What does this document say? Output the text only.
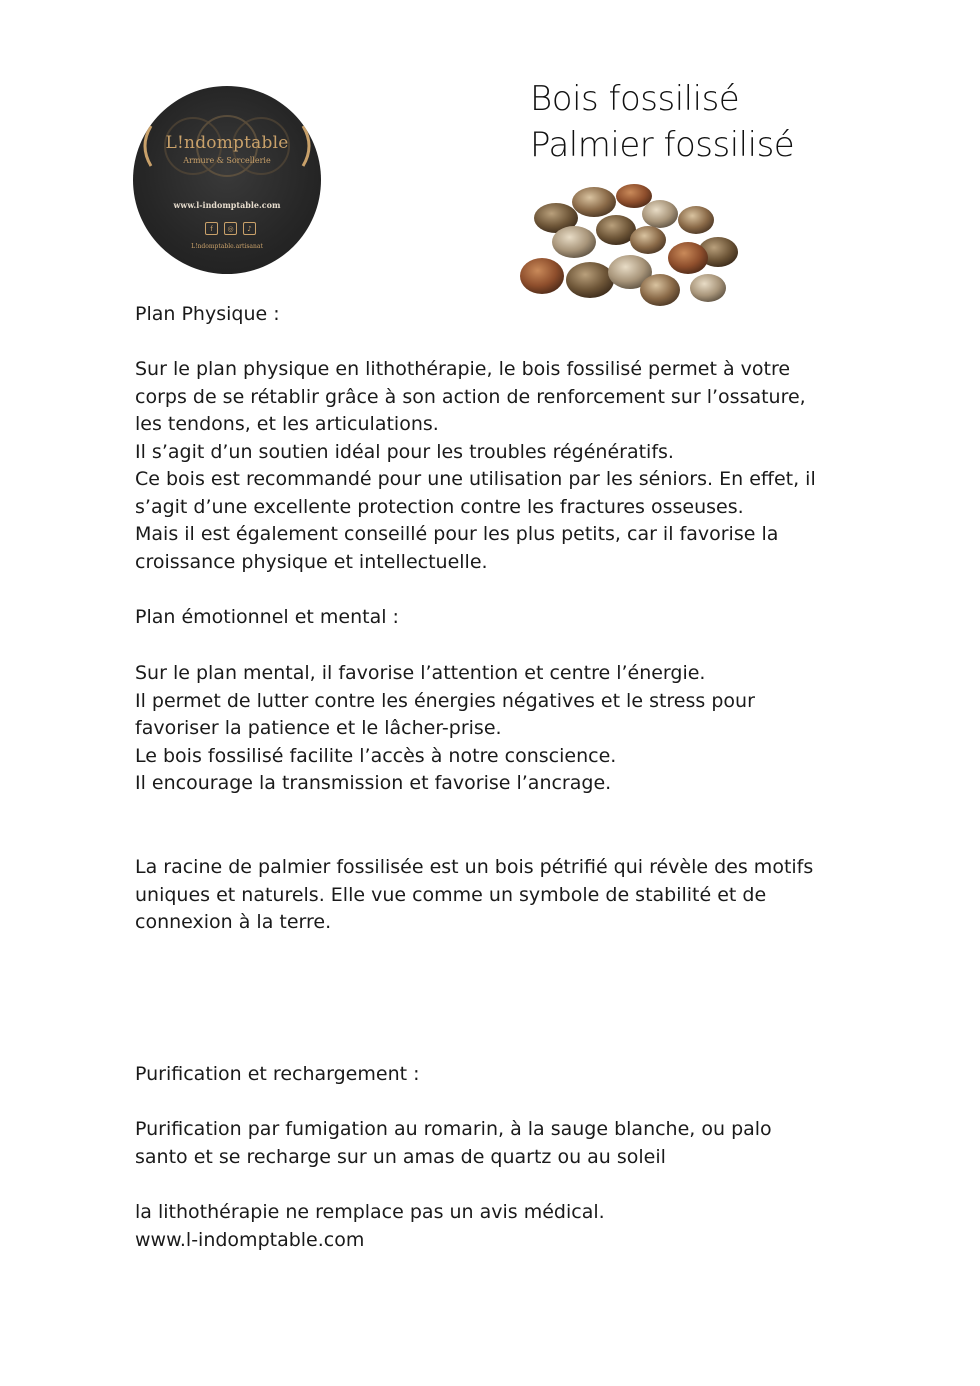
L!ndomptable
Armure & Sorcellerie
www.l-indomptable.com
f	◎	♪
L!ndomptable.artisanat
Bois fossilisé
Palmier fossilisé
Plan Physique :
Sur le plan physique en lithothérapie, le bois fossilisé permet à votre
corps de se rétablir grâce à son action de renforcement sur l’ossature,
les tendons, et les articulations.
Il s’agit d’un soutien idéal pour les troubles régénératifs.
Ce bois est recommandé pour une utilisation par les séniors. En effet, il
s’agit d’une excellente protection contre les fractures osseuses.
Mais il est également conseillé pour les plus petits, car il favorise la
croissance physique et intellectuelle.
Plan émotionnel et mental :
Sur le plan mental, il favorise l’attention et centre l’énergie.
Il permet de lutter contre les énergies négatives et le stress pour
favoriser la patience et le lâcher-prise.
Le bois fossilisé facilite l’accès à notre conscience.
Il encourage la transmission et favorise l’ancrage.
La racine de palmier fossilisée est un bois pétrifié qui révèle des motifs
uniques et naturels. Elle vue comme un symbole de stabilité et de
connexion à la terre.
Purification et rechargement :
Purification par fumigation au romarin, à la sauge blanche, ou palo
santo et se recharge sur un amas de quartz ou au soleil
la lithothérapie ne remplace pas un avis médical.
www.l-indomptable.com
